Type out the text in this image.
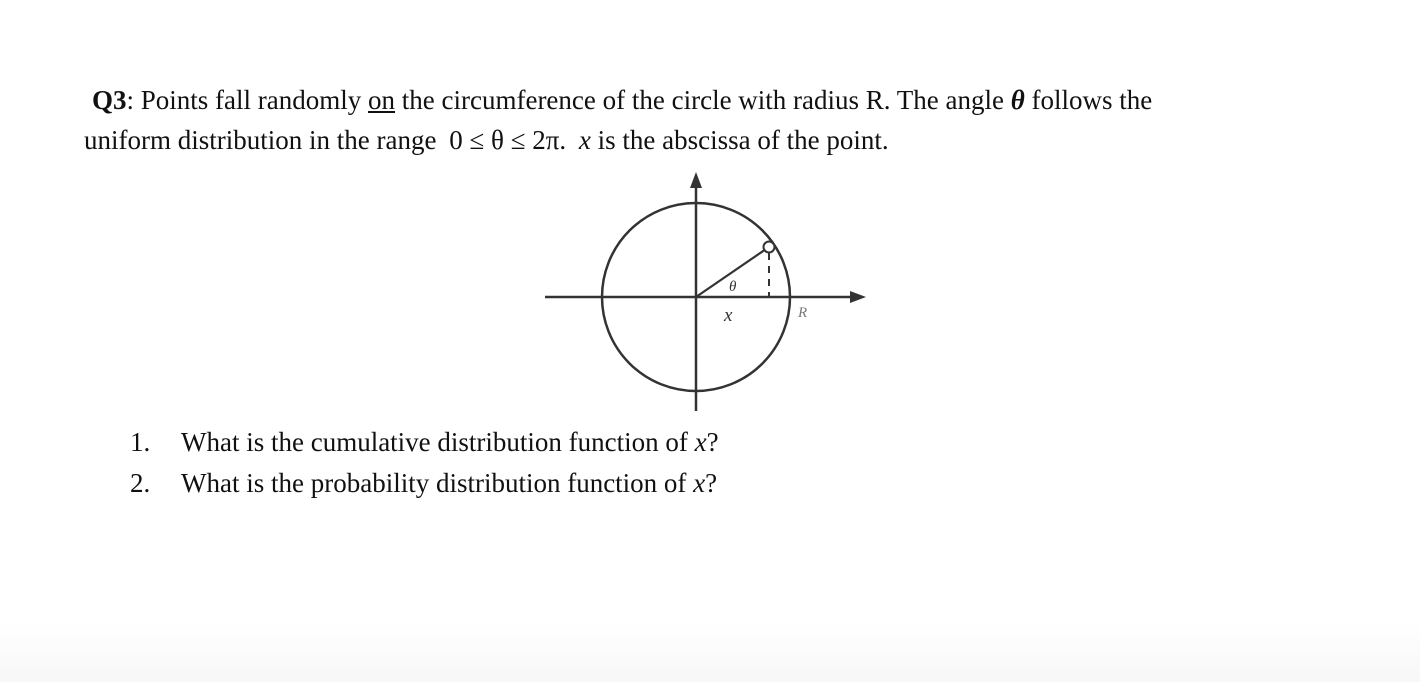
Q3: Points fall randomly on the circumference of the circle with radius R. The angle θ follows the
uniform distribution in the range 0 ≤ θ ≤ 2π. x is the abscissa of the point.
θ
x	R
1.	What is the cumulative distribution function of x?
2.	What is the probability distribution function of x?
